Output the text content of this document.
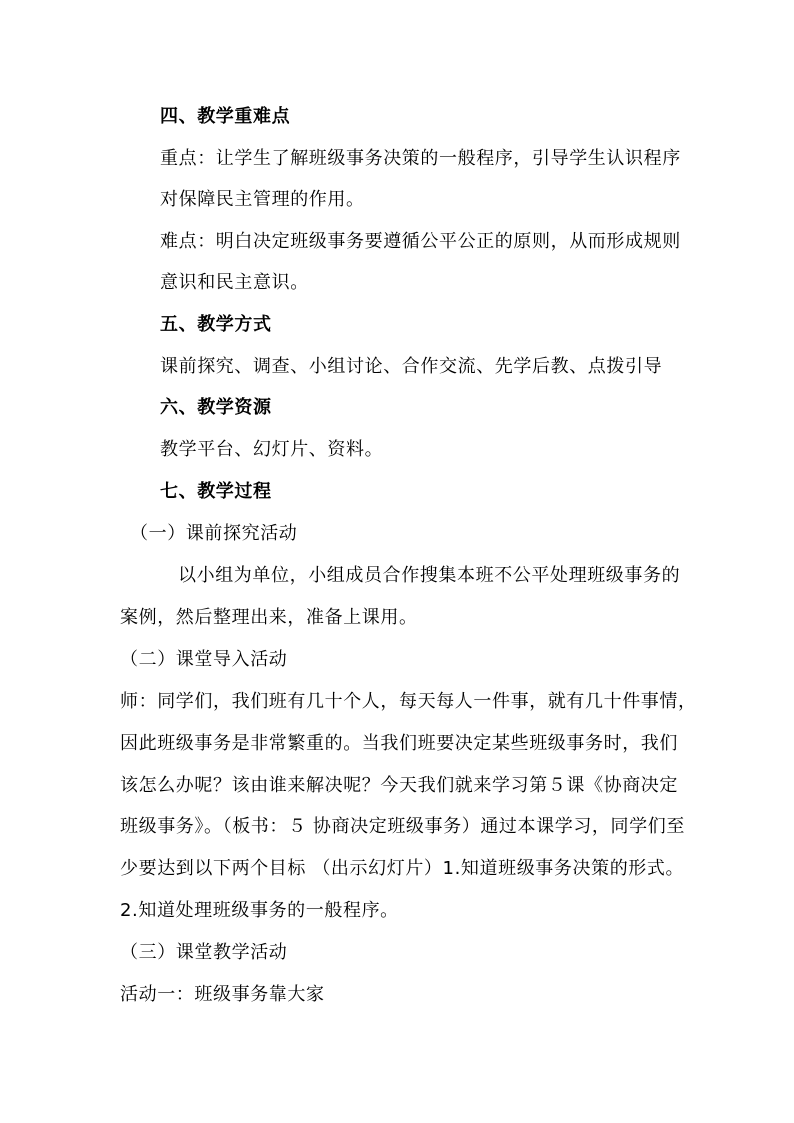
四、教学重难点
重点：让学生了解班级事务决策的一般程序，引导学生认识程序
对保障民主管理的作用。
难点：明白决定班级事务要遵循公平公正的原则，从而形成规则
意识和民主意识。
五、教学方式
课前探究、调查、小组讨论、合作交流、先学后教、点拨引导
六、教学资源
教学平台、幻灯片、资料。
七、教学过程
（一）课前探究活动
以小组为单位，小组成员合作搜集本班不公平处理班级事务的
案例，然后整理出来，准备上课用。
（二）课堂导入活动
师：同学们，我们班有几十个人，每天每人一件事，就有几十件事情，
因此班级事务是非常繁重的。当我们班要决定某些班级事务时，我们
该怎么办呢？该由谁来解决呢？今天我们就来学习第５课《协商决定
班级事务》。（板书：５ 协商决定班级事务）通过本课学习，同学们至
少要达到以下两个目标 （出示幻灯片）1.知道班级事务决策的形式。
2.知道处理班级事务的一般程序。
（三）课堂教学活动
活动一：班级事务靠大家
